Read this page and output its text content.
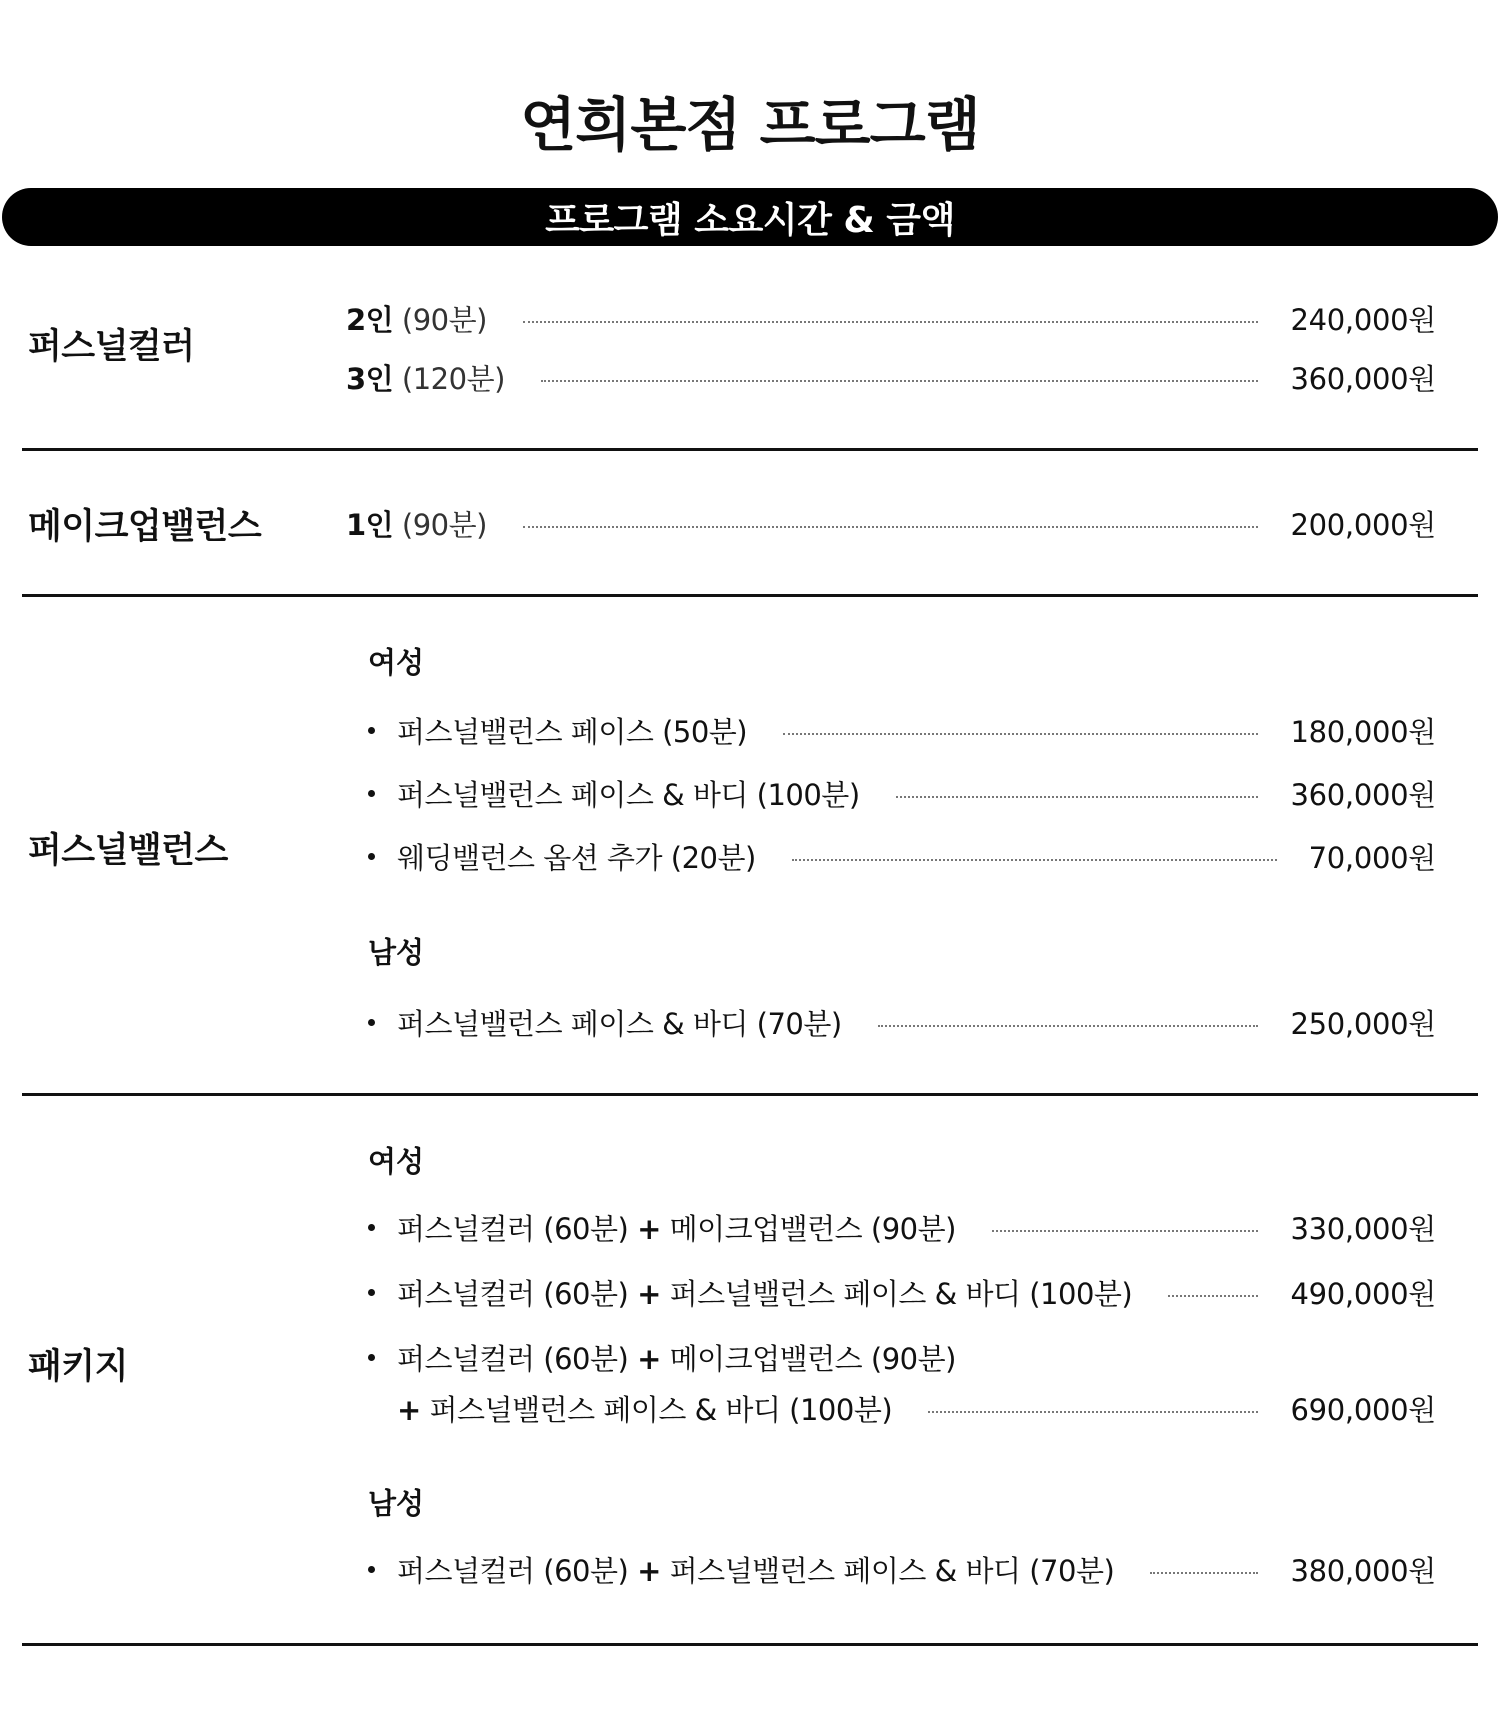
연희본점 프로그램
프로그램 소요시간 & 금액
퍼스널컬러
2인 (90분)	240,000원
3인 (120분)	360,000원
메이크업밸런스	1인 (90분)	200,000원
퍼스널밸런스
여성
퍼스널밸런스 페이스 (50분)	180,000원
퍼스널밸런스 페이스 & 바디 (100분)	360,000원
웨딩밸런스 옵션 추가 (20분)	70,000원
남성
퍼스널밸런스 페이스 & 바디 (70분)	250,000원
패키지
여성
퍼스널컬러 (60분) + 메이크업밸런스 (90분)	330,000원
퍼스널컬러 (60분) + 퍼스널밸런스 페이스 & 바디 (100분)	490,000원
퍼스널컬러 (60분) + 메이크업밸런스 (90분)
+ 퍼스널밸런스 페이스 & 바디 (100분)	690,000원
남성
퍼스널컬러 (60분) + 퍼스널밸런스 페이스 & 바디 (70분)	380,000원
